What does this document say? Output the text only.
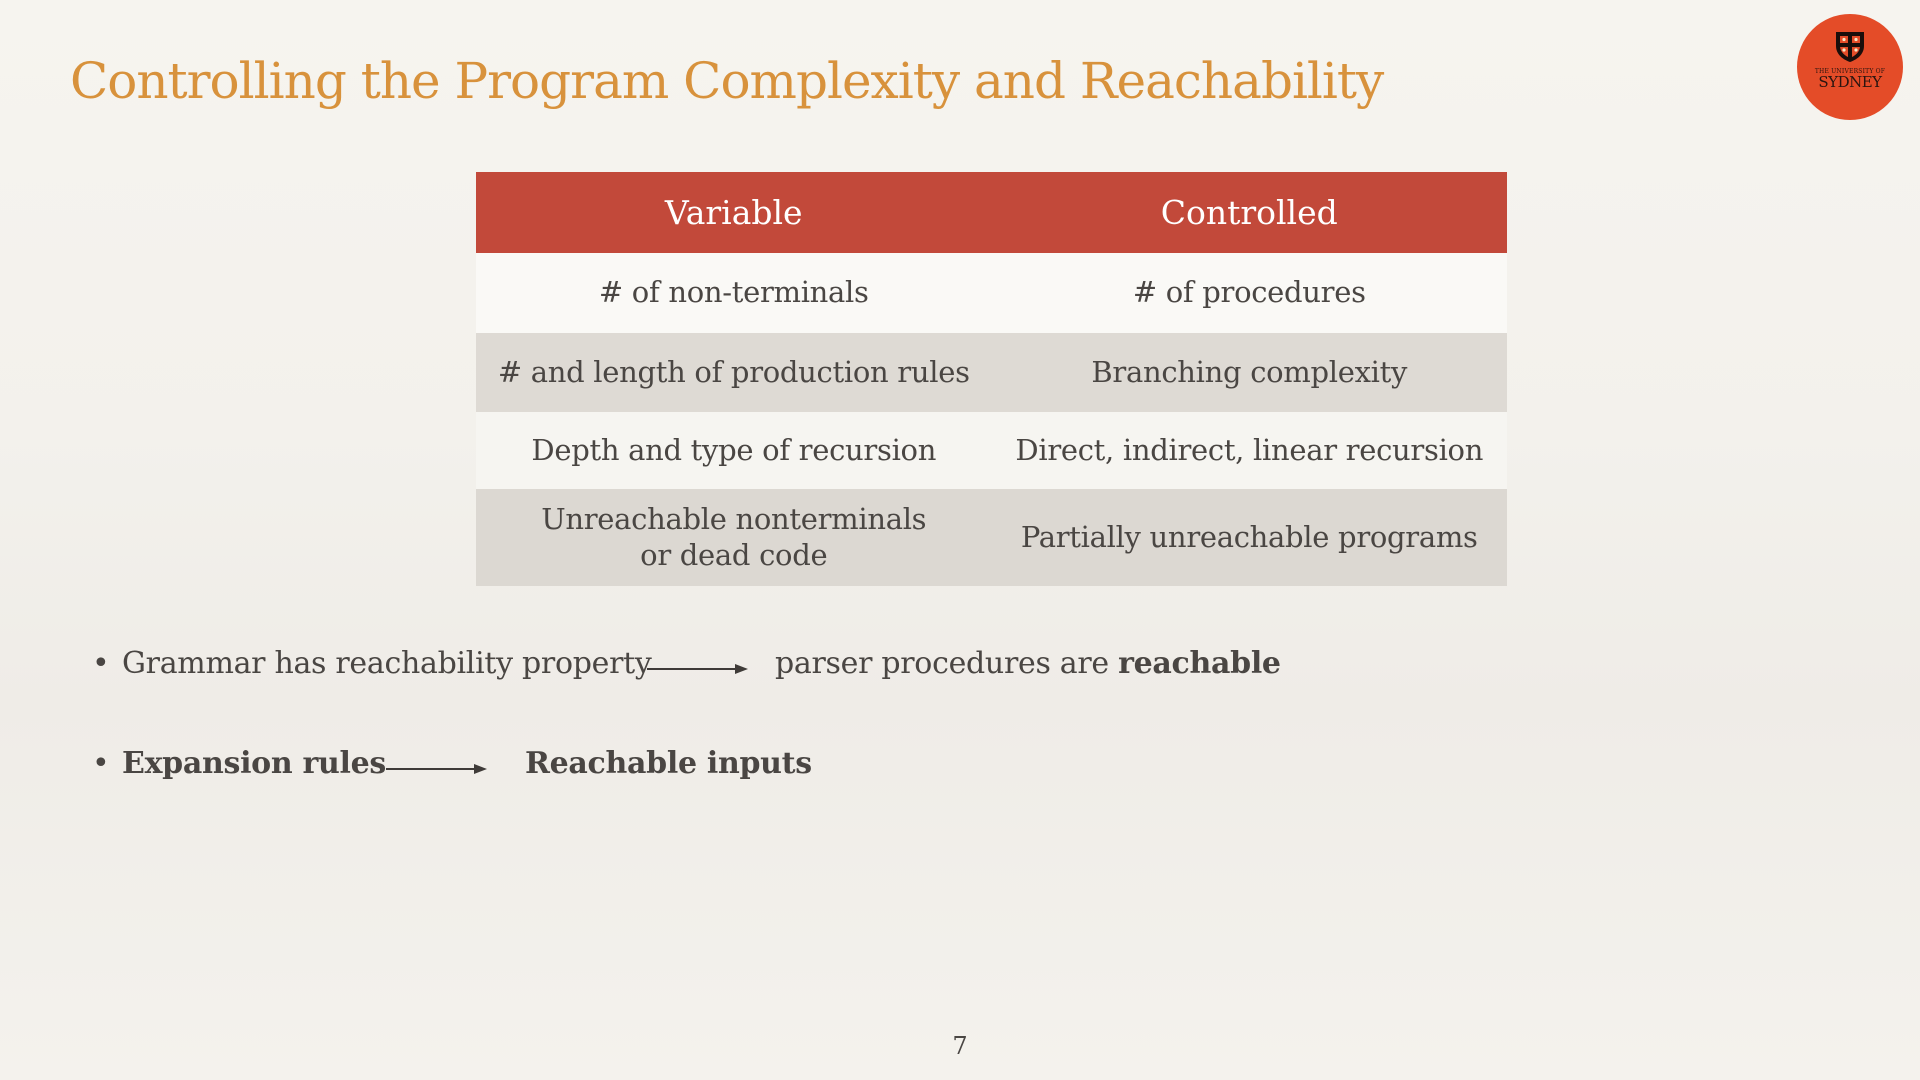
Controlling the Program Complexity and Reachability	THE UNIVERSITY OF
SYDNEY
Variable	Controlled
# of non-terminals	# of procedures
# and length of production rules	Branching complexity
Depth and type of recursion	Direct, indirect, linear recursion
Unreachable nonterminals or dead code	Partially unreachable programs
• Grammar has reachability property	parser procedures are reachable
• Expansion rules	Reachable inputs
7
